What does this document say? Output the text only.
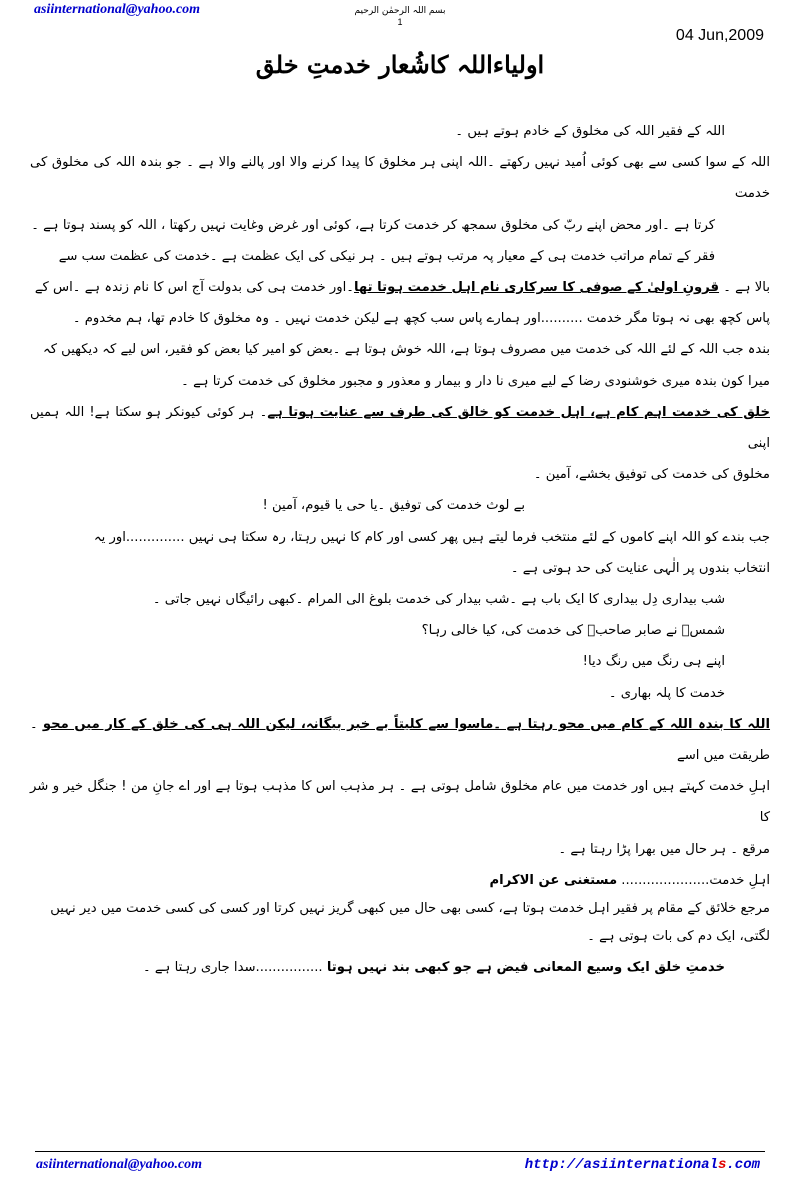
asiinternational@yahoo.com	بسم اللہ الرحمٰن الرحیم
1
04 Jun,2009
اولیاءاللہ کاشُعار خدمتِ خلق

اللہ کے فقیر اللہ کی مخلوق کے خادم ہوتے ہیں ۔

اللہ کے سوا کسی سے بھی کوئی اُمید نہیں رکھتے ۔اللہ اپنی ہر مخلوق کا پیدا کرنے والا اور پالنے والا ہے ۔ جو بندہ اللہ کی مخلوق کی خدمت

کرتا ہے ۔اور محض اپنے ربّ کی مخلوق سمجھ کر خدمت کرتا ہے، کوئی اور غرض وغایت نہیں رکھتا ، اللہ کو پسند ہوتا ہے ۔

فقر کے تمام مراتب خدمت ہی کے معیار پہ مرتب ہوتے ہیں ۔ ہر نیکی کی ایک عظمت ہے ۔خدمت کی عظمت سب سے

بالا ہے ۔ قرونِ اولیٰ کے صوفی کا سرکاری نام اہل خدمت ہوتا تھا۔اور خدمت ہی کی بدولت آج اس کا نام زندہ ہے ۔اس کے

پاس کچھ بھی نہ ہوتا مگر خدمت ..........اور ہمارے پاس سب کچھ ہے لیکن خدمت نہیں ۔ وہ مخلوق کا خادم تھا، ہم مخدوم ۔

بندہ جب اللہ کے لئے اللہ کی خدمت میں مصروف ہوتا ہے، اللہ خوش ہوتا ہے ۔بعض کو امیر کیا بعض کو فقیر، اس لیے کہ دیکھیں کہ

میرا کون بندہ میری خوشنودی رضا کے لیے میری نا دار و بیمار و معذور و مجبور مخلوق کی خدمت کرتا ہے ۔

خلق کی خدمت اہم کام ہے، اہل خدمت کو خالق کی طرف سے عنایت ہوتا ہے۔ ہر کوئی کیونکر ہو سکتا ہے! اللہ ہمیں اپنی

مخلوق کی خدمت کی توفیق بخشے، آمین ۔

بے لوث خدمت کی توفیق ۔یا حی یا قیوم، آمین !

جب بندے کو اللہ اپنے کاموں کے لئے منتخب فرما لیتے ہیں پھر کسی اور کام کا نہیں رہتا، رہ سکتا ہی نہیں ..............اور یہ

انتخاب بندوں پر الٰہی عنایت کی حد ہوتی ہے ۔

شب بیداری دِل بیداری کا ایک باب ہے ۔شب بیدار کی خدمت بلوغ الی المرام ۔کبھی رائیگاں نہیں جاتی ۔

شمسؒ نے صابر صاحبؒ کی خدمت کی، کیا خالی رہا؟

اپنے ہی رنگ میں رنگ دیا!

خدمت کا پلہ بھاری ۔

اللہ کا بندہ اللہ کے کام میں محو رہتا ہے ۔ماسوا سے کلیتاً بے خبر بیگانہ، لیکن اللہ ہی کی خلق کے کار میں محو ۔طریقت میں اسے

اہلِ خدمت کہتے ہیں اور خدمت میں عام مخلوق شامل ہوتی ہے ۔ ہر مذہب اس کا مذہب ہوتا ہے اور اے جانِ من ! جنگل خیر و شر کا

مرقع ۔ ہر حال میں بھرا پڑا رہتا ہے ۔

اہلِ خدمت..................... مستغنی عن الاکرام

مرجع خلائق کے مقام پر فقیر اہل خدمت ہوتا ہے، کسی بھی حال میں کبھی گریز نہیں کرتا اور کسی کی کسی خدمت میں دیر نہیں

لگتی، ایک دم کی بات ہوتی ہے ۔

خدمتِ خلق ایک وسیع المعانی فیض ہے جو کبھی بند نہیں ہوتا ................سدا جاری رہتا ہے ۔

asiinternational@yahoo.com	http://asiinternationals.com
